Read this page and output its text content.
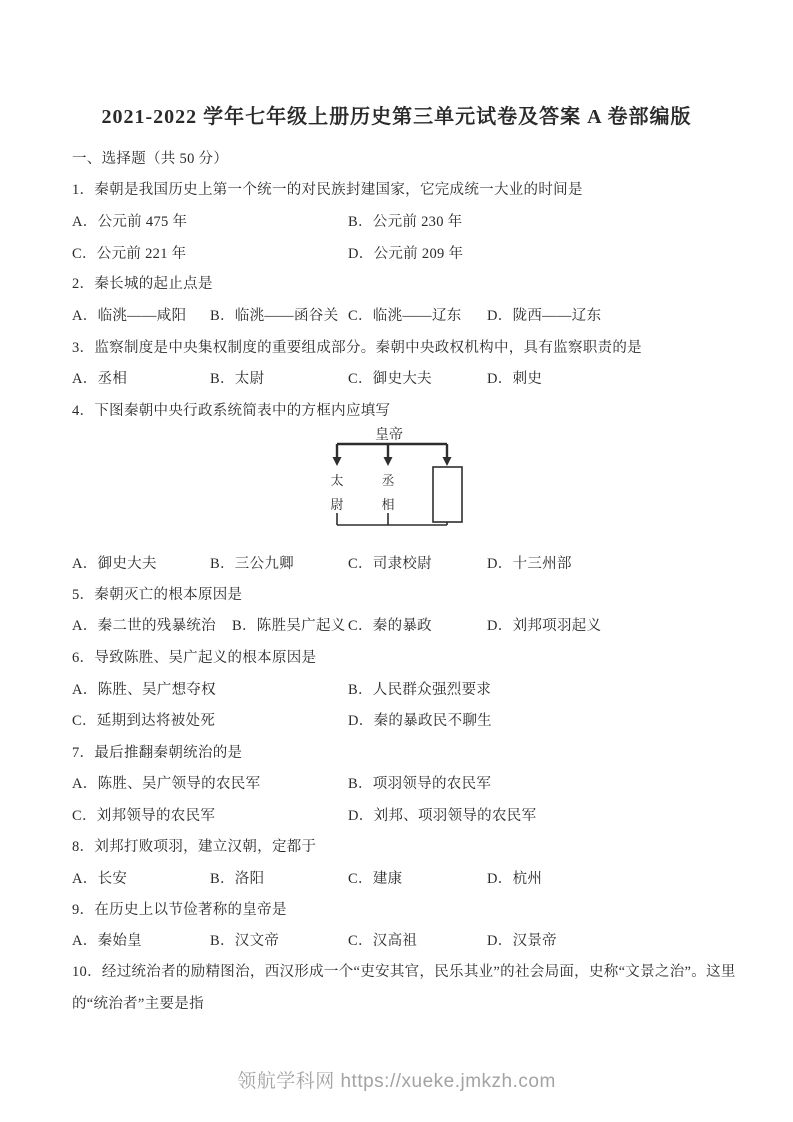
2021-2022 学年七年级上册历史第三单元试卷及答案 A 卷部编版
一、选择题（共 50 分）
1．秦朝是我国历史上第一个统一的对民族封建国家，它完成统一大业的时间是
A．公元前 475 年	B．公元前 230 年
C．公元前 221 年	D．公元前 209 年
2．秦长城的起止点是
A．临洮——咸阳 B．临洮——函谷关 C．临洮——辽东 D．陇西——辽东
3．监察制度是中央集权制度的重要组成部分。秦朝中央政权机构中，具有监察职责的是
A．丞相	B．太尉	C．御史大夫	D．刺史
4．下图秦朝中央行政系统简表中的方框内应填写
皇帝
太
尉
丞
相
A．御史大夫	B．三公九卿	C．司隶校尉	D．十三州部
5．秦朝灭亡的根本原因是
A．秦二世的残暴统治 B．陈胜吴广起义 C．秦的暴政	D．刘邦项羽起义
6．导致陈胜、吴广起义的根本原因是
A．陈胜、吴广想夺权	B．人民群众强烈要求
C．延期到达将被处死	D．秦的暴政民不聊生
7．最后推翻秦朝统治的是
A．陈胜、吴广领导的农民军	B．项羽领导的农民军
C．刘邦领导的农民军	D．刘邦、项羽领导的农民军
8．刘邦打败项羽，建立汉朝，定都于
A．长安	B．洛阳	C．建康	D．杭州
9．在历史上以节俭著称的皇帝是
A．秦始皇	B．汉文帝	C．汉高祖	D．汉景帝
10．经过统治者的励精图治，西汉形成一个“吏安其官，民乐其业”的社会局面，史称“文景之治”。这里
的“统治者”主要是指
领航学科网 https://xueke.jmkzh.com
